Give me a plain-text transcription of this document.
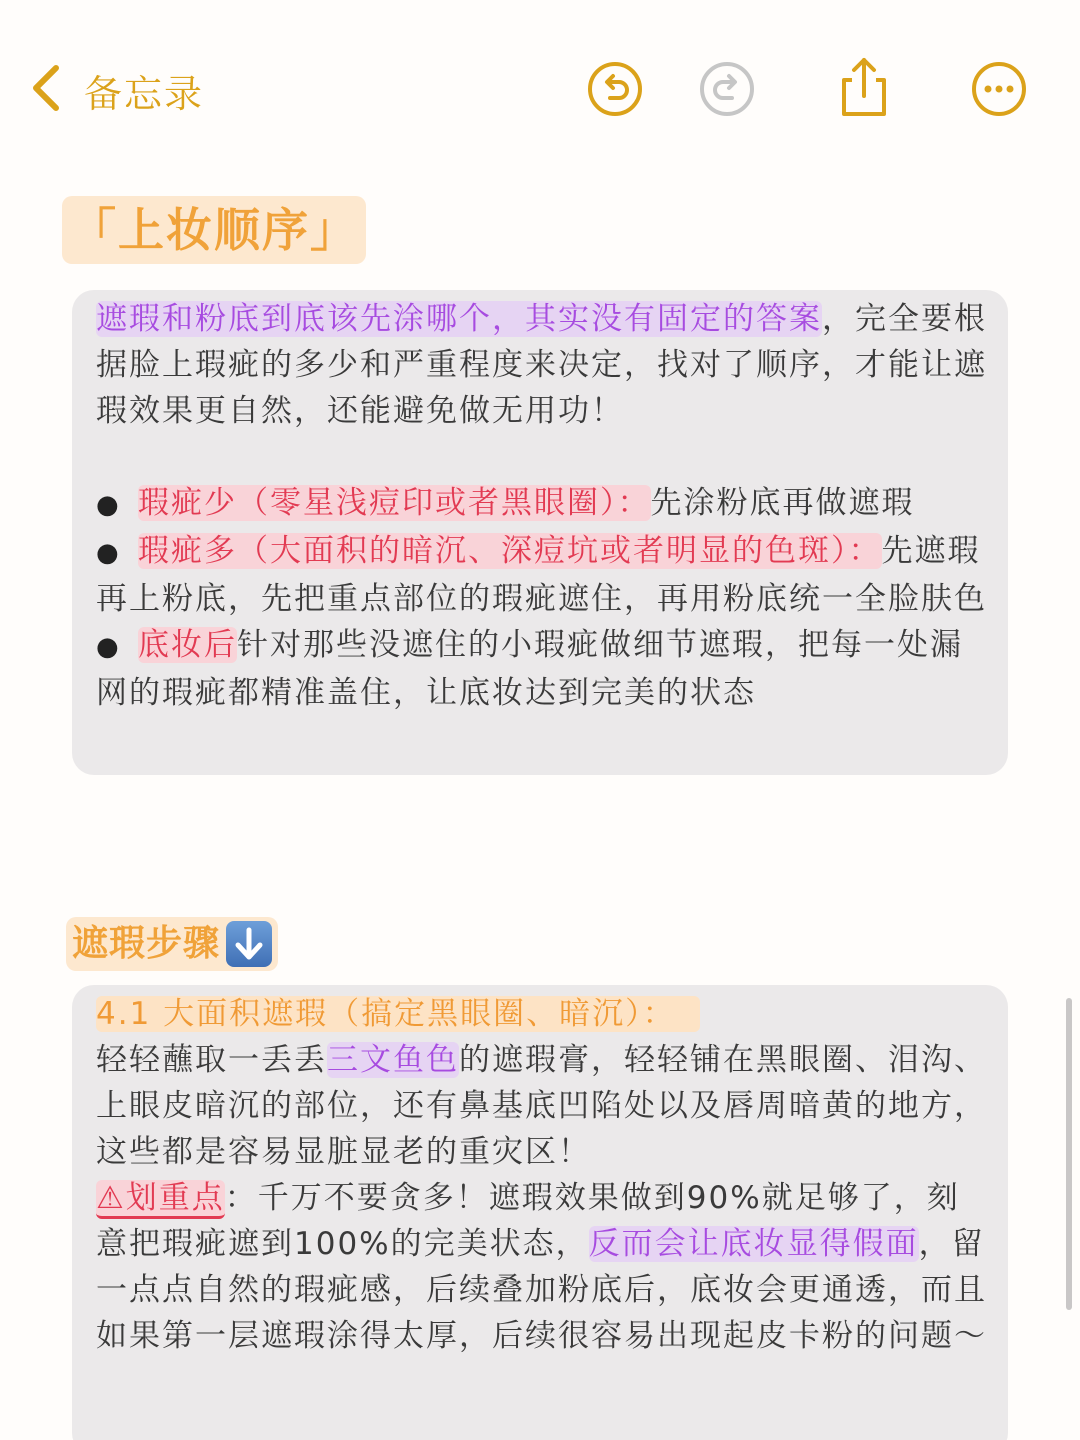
备忘录
「上妆顺序」
遮瑕和粉底到底该先涂哪个，其实没有固定的答案，完全要根据脸上瑕疵的多少和严重程度来决定，找对了顺序，才能让遮瑕效果更自然，还能避免做无用功！
● 瑕疵少（零星浅痘印或者黑眼圈）：先涂粉底再做遮瑕
● 瑕疵多（大面积的暗沉、深痘坑或者明显的色斑）：先遮瑕再上粉底，先把重点部位的瑕疵遮住，再用粉底统一全脸肤色
● 底妆后针对那些没遮住的小瑕疵做细节遮瑕，把每一处漏网的瑕疵都精准盖住，让底妆达到完美的状态
遮瑕步骤
4.1 大面积遮瑕（搞定黑眼圈、暗沉）：
轻轻蘸取一丢丢三文鱼色的遮瑕膏，轻轻铺在黑眼圈、泪沟、上眼皮暗沉的部位，还有鼻基底凹陷处以及唇周暗黄的地方，这些都是容易显脏显老的重灾区！
⚠划重点：千万不要贪多！遮瑕效果做到90%就足够了，刻意把瑕疵遮到100%的完美状态，反而会让底妆显得假面，留一点点自然的瑕疵感，后续叠加粉底后，底妆会更通透，而且如果第一层遮瑕涂得太厚，后续很容易出现起皮卡粉的问题～
